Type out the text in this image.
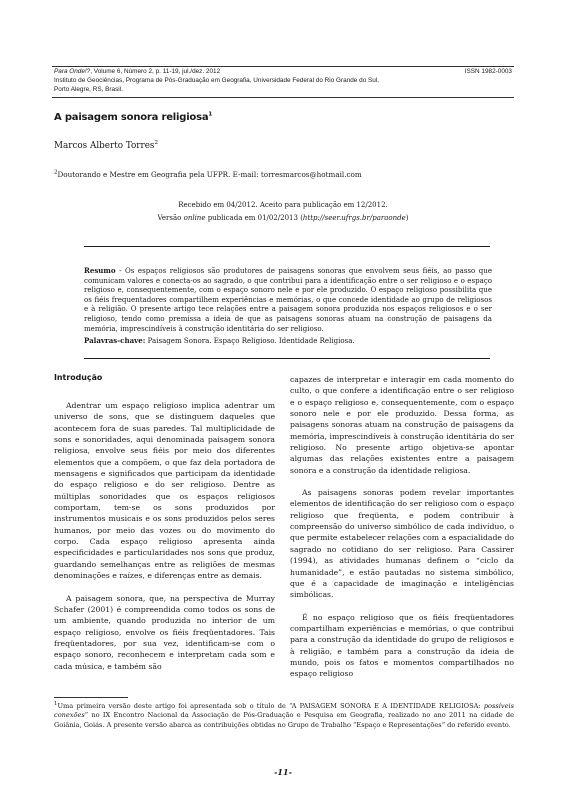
Para Onde!?, Volume 6, Número 2, p. 11-19, jul./dez. 2012	ISSN 1982-0003
Instituto de Geociências, Programa de Pós-Graduação em Geografia, Universidade Federal do Rio Grande do Sul,
Porto Alegre, RS, Brasil.
A paisagem sonora religiosa$^1$
Marcos Alberto Torres$^2$
$^2$Doutorando e Mestre em Geografia pela UFPR. E-mail: torresmarcos@hotmail.com
Recebido em 04/2012. Aceito para publicação em 12/2012.
Versão online publicada em 01/02/2013 (http://seer.ufrgs.br/paraonde)
Resumo - Os espaços religiosos são produtores de paisagens sonoras que envolvem seus fiéis, ao passo que comunicam valores e conecta-os ao sagrado, o que contribui para a identificação entre o ser religioso e o espaço religioso e, consequentemente, com o espaço sonoro nele e por ele produzido. O espaço religioso possibilita que os fiéis frequentadores compartilhem experiências e memórias, o que concede identidade ao grupo de religiosos e à religião. O presente artigo tece relações entre a paisagem sonora produzida nos espaços religiosos e o ser religioso, tendo como premissa a ideia de que as paisagens sonoras atuam na construção de paisagens da memória, imprescindíveis à construção identitária do ser religioso.
Palavras-chave: Paisagem Sonora. Espaço Religioso. Identidade Religiosa.
Introdução

Adentrar um espaço religioso implica adentrar um universo de sons, que se distinguem daqueles que acontecem fora de suas paredes. Tal multiplicidade de sons e sonoridades, aqui denominada paisagem sonora religiosa, envolve seus fiéis por meio dos diferentes elementos que a compõem, o que faz dela portadora de mensagens e significados que participam da identidade do espaço religioso e do ser religioso. Dentre as múltiplas sonoridades que os espaços religiosos comportam, tem-se os sons produzidos por instrumentos musicais e os sons produzidos pelos seres humanos, por meio das vozes ou do movimento do corpo. Cada espaço religioso apresenta ainda especificidades e particularidades nos sons que produz, guardando semelhanças entre as religiões de mesmas denominações e raízes, e diferenças entre as demais.

A paisagem sonora, que, na perspectiva de Murray Schafer (2001) é compreendida como todos os sons de um ambiente, quando produzida no interior de um espaço religioso, envolve os fiéis freqüentadores. Tais freqüentadores, por sua vez, identificam-se com o espaço sonoro, reconhecem e interpretam cada som e cada música, e também são

capazes de interpretar e interagir em cada momento do culto, o que confere a identificação entre o ser religioso e o espaço religioso e, consequentemente, com o espaço sonoro nele e por ele produzido. Dessa forma, as paisagens sonoras atuam na construção de paisagens da memória, imprescindíveis à construção identitária do ser religioso. No presente artigo objetiva-se apontar algumas das relações existentes entre a paisagem sonora e a construção da identidade religiosa.

As paisagens sonoras podem revelar importantes elementos de identificação do ser religioso com o espaço religioso que freqüenta, e podem contribuir à compreensão do universo simbólico de cada indivíduo, o que permite estabelecer relações com a espacialidade do sagrado no cotidiano do ser religioso. Para Cassirer (1994), as atividades humanas definem o “ciclo da humanidade”, e estão pautadas no sistema simbólico, que é a capacidade de imaginação e inteligências simbólicas.

É no espaço religioso que os fiéis freqüentadores compartilham experiências e memórias, o que contribui para a construção da identidade do grupo de religiosos e à religião, e também para a construção da ideia de mundo, pois os fatos e momentos compartilhados no espaço religioso

$^1$Uma primeira versão deste artigo foi apresentada sob o título de “A PAISAGEM SONORA E A IDENTIDADE RELIGIOSA: possíveis conexões” no IX Encontro Nacional da Associação de Pós-Graduação e Pesquisa em Geografia, realizado no ano 2011 na cidade de Goiânia, Goiás. A presente versão abarca as contribuições obtidas no Grupo de Trabalho “Espaço e Representações” do referido evento.
-11-
